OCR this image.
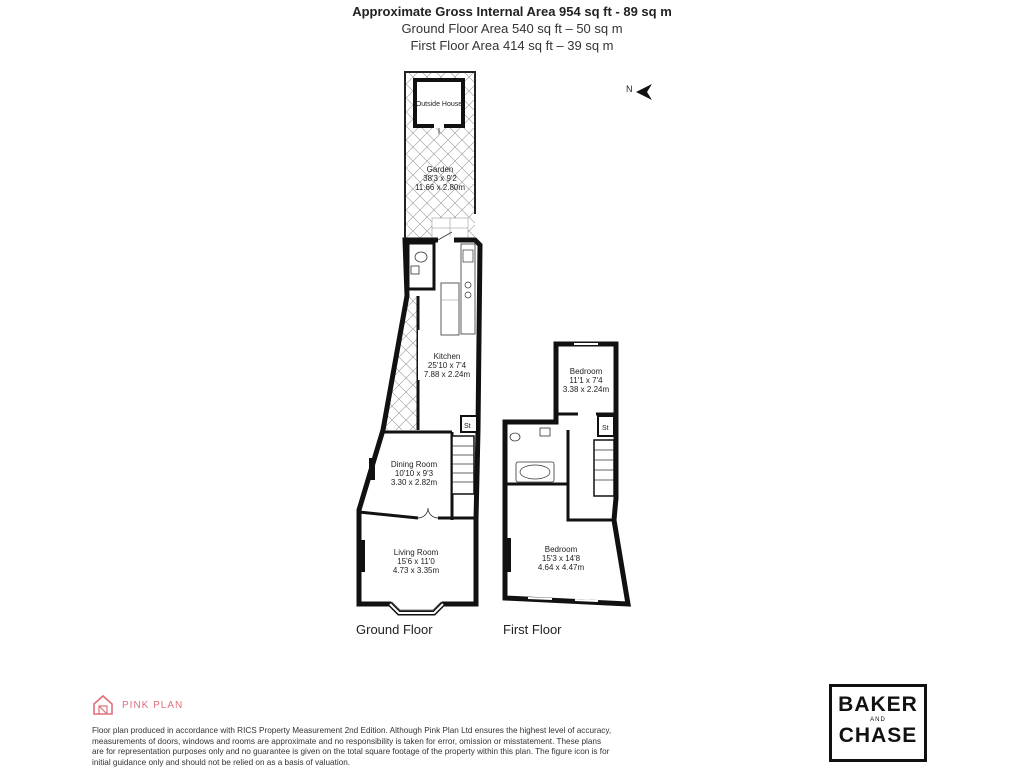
Approximate Gross Internal Area 954 sq ft - 89 sq m
Ground Floor Area 540 sq ft – 50 sq m
First Floor Area 414 sq ft – 39 sq m
N
St	St
Outside House
Garden
38'3 x 9'2
11.66 x 2.80m
Kitchen
25'10 x 7'4
7.88 x 2.24m
Dining Room
10'10 x 9'3
3.30 x 2.82m
Living Room
15'6 x 11'0
4.73 x 3.35m
Bedroom
11'1 x 7'4
3.38 x 2.24m
Bedroom
15'3 x 14'8
4.64 x 4.47m
Ground Floor	First Floor
PINK PLAN
Floor plan produced in accordance with RICS Property Measurement 2nd Edition. Although Pink Plan Ltd ensures the highest level of accuracy, measurements of doors, windows and rooms are approximate and no responsibility is taken for error, omission or misstatement. These plans are for representation purposes only and no guarantee is given on the total square footage of the property within this plan. The figure icon is for initial guidance only and should not be relied on as a basis of valuation.
BAKER
AND
CHASE
